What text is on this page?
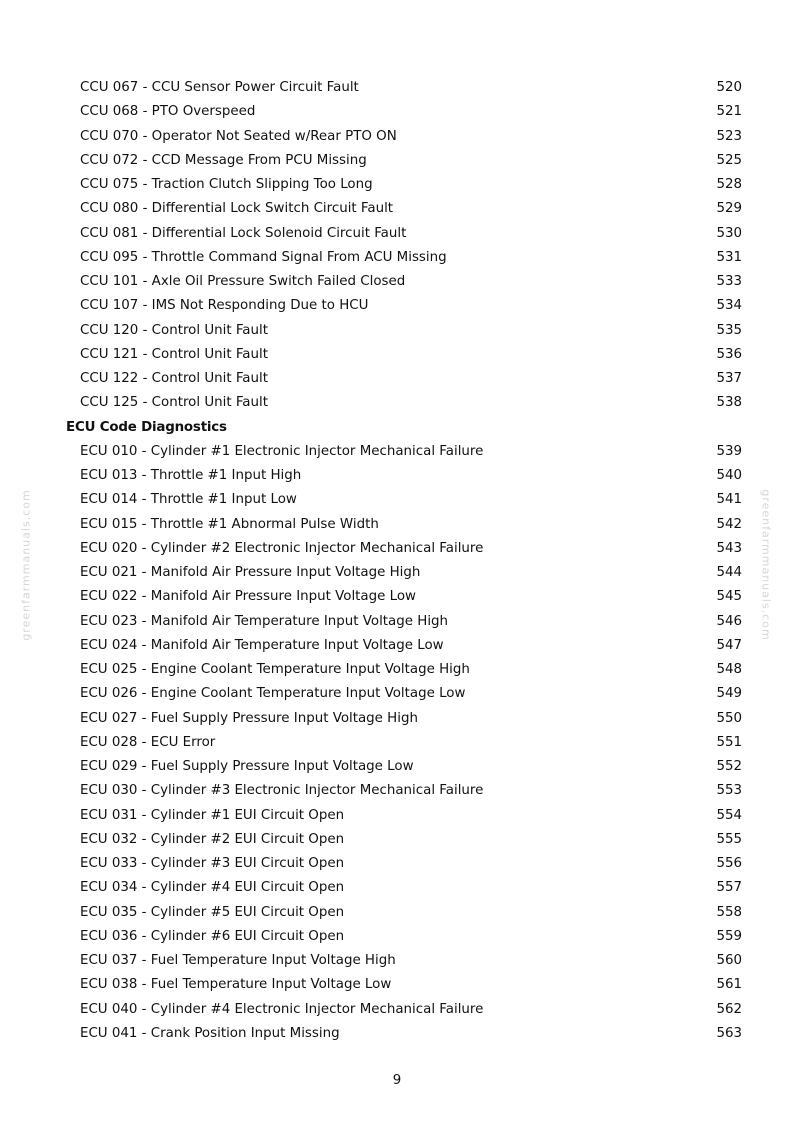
CCU 067 - CCU Sensor Power Circuit Fault	520
CCU 068 - PTO Overspeed	521
CCU 070 - Operator Not Seated w/Rear PTO ON	523
CCU 072 - CCD Message From PCU Missing	525
CCU 075 - Traction Clutch Slipping Too Long	528
CCU 080 - Differential Lock Switch Circuit Fault	529
CCU 081 - Differential Lock Solenoid Circuit Fault	530
CCU 095 - Throttle Command Signal From ACU Missing	531
CCU 101 - Axle Oil Pressure Switch Failed Closed	533
CCU 107 - IMS Not Responding Due to HCU	534
CCU 120 - Control Unit Fault	535
CCU 121 - Control Unit Fault	536
CCU 122 - Control Unit Fault	537
CCU 125 - Control Unit Fault	538
ECU Code Diagnostics
ECU 010 - Cylinder #1 Electronic Injector Mechanical Failure	539
ECU 013 - Throttle #1 Input High	540
ECU 014 - Throttle #1 Input Low	541
ECU 015 - Throttle #1 Abnormal Pulse Width	542
ECU 020 - Cylinder #2 Electronic Injector Mechanical Failure	543
ECU 021 - Manifold Air Pressure Input Voltage High	544
ECU 022 - Manifold Air Pressure Input Voltage Low	545
ECU 023 - Manifold Air Temperature Input Voltage High	546
ECU 024 - Manifold Air Temperature Input Voltage Low	547
ECU 025 - Engine Coolant Temperature Input Voltage High	548
ECU 026 - Engine Coolant Temperature Input Voltage Low	549
ECU 027 - Fuel Supply Pressure Input Voltage High	550
ECU 028 - ECU Error	551
ECU 029 - Fuel Supply Pressure Input Voltage Low	552
ECU 030 - Cylinder #3 Electronic Injector Mechanical Failure	553
ECU 031 - Cylinder #1 EUI Circuit Open	554
ECU 032 - Cylinder #2 EUI Circuit Open	555
ECU 033 - Cylinder #3 EUI Circuit Open	556
ECU 034 - Cylinder #4 EUI Circuit Open	557
ECU 035 - Cylinder #5 EUI Circuit Open	558
ECU 036 - Cylinder #6 EUI Circuit Open	559
ECU 037 - Fuel Temperature Input Voltage High	560
ECU 038 - Fuel Temperature Input Voltage Low	561
ECU 040 - Cylinder #4 Electronic Injector Mechanical Failure	562
ECU 041 - Crank Position Input Missing	563
9
greenfarmmanuals.com	greenfarmmanuals.com
